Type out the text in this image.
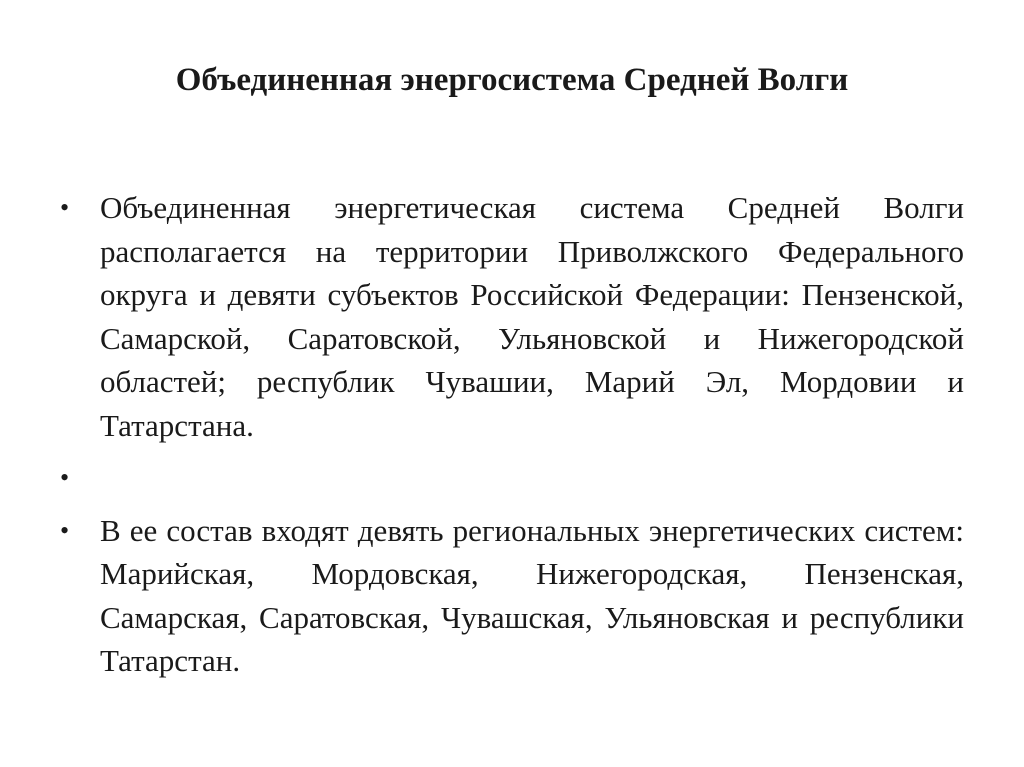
Объединенная энергосистема Средней Волги
• Объединенная энергетическая система Средней Волги располагается на территории Приволжского Федерального округа и девяти субъектов Российской Федерации: Пензенской, Самарской, Саратовской, Ульяновской и Нижегородской областей; республик Чувашии, Марий Эл, Мордовии и Татарстана.
•
• В ее состав входят девять региональных энергетических систем: Марийская, Мордовская, Нижегородская, Пензенская, Самарская, Саратовская, Чувашская, Ульяновская и республики Татарстан.
